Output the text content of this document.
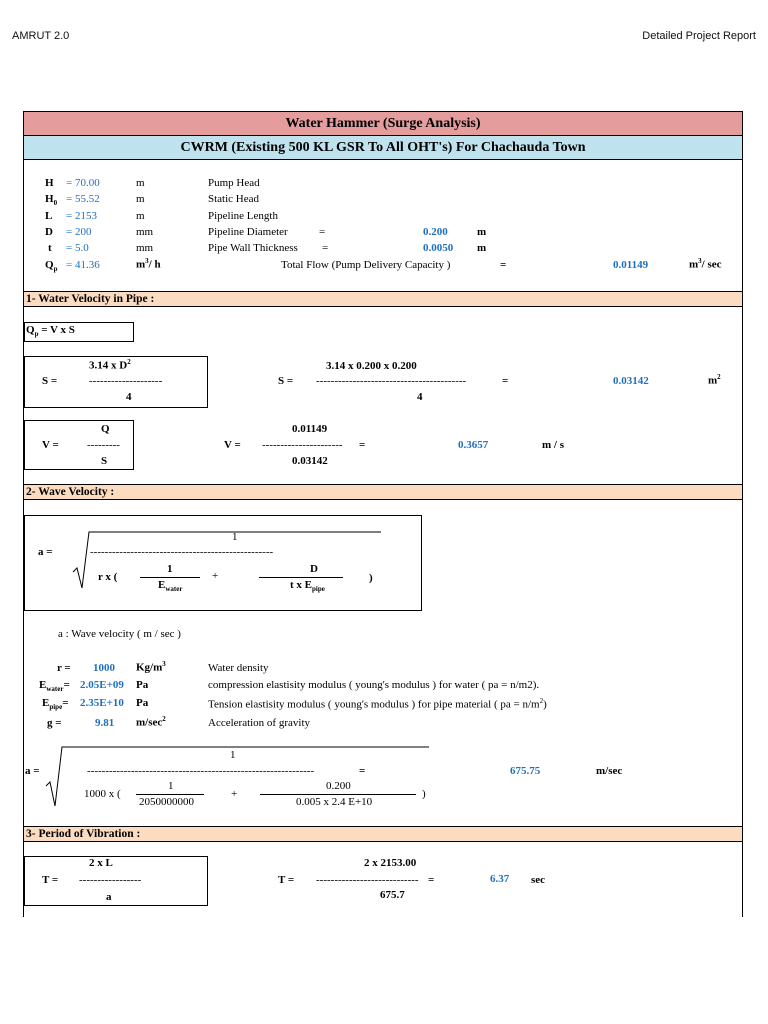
AMRUT 2.0	Detailed Project Report
Water Hammer (Surge Analysis)
CWRM (Existing 500 KL GSR To All OHT's) For Chachauda Town
H = 70.00	m	Pump Head
$H_0 = 55.52$	m	Static Head
L = 2153	m	Pipeline Length
D = 200	mm	Pipeline Diameter	=	0.200	m
t = 5.0	mm	Pipe Wall Thickness =	0.0050 m
$Q_p = 41.36$	$m^3/$ h	Total Flow (Pump Delivery Capacity )	=	0.01149	$m^3/$ sec
1- Water Velocity in Pipe :
$Q_p = V$ x S
3.14 x $D^2$
S =	--------------------
4
S =
3.14 x 0.200 x 0.200
-----------------------------------------
4
=	0.03142	$m^2$
Q
V =	---------
S
V =
0.01149
---------------------- =
0.03142
0.3657	m / s
2- Wave Velocity :
a =
1
--------------------------------------------------
r x (
1
$E_{water}$
+
D
t x $E_{pipe}$
)
a : Wave velocity ( m / sec )
r = 1000 $Kg/m^3$	Water density
$E_{water}= 2.05E+09$ Pa	compression elastisity modulus ( young's modulus ) for water ( pa = n/m2).
$E_{pipe}= 2.35E+10$ Pa	Tension elastisity modulus ( young's modulus ) for pipe material ( pa = $n/m^2$)
g =	9.81 $m/\sec^2$	Acceleration of gravity
a =
1
--------------------------------------------------------------	=
1000 x (
1
2050000000
+
0.200
0.005 x 2.4 E+10
)
675.75	m/sec
3- Period of Vibration :
2 x L
T = -----------------
a
T =
2 x 2153.00
---------------------------- =
675.7
6.37 sec
